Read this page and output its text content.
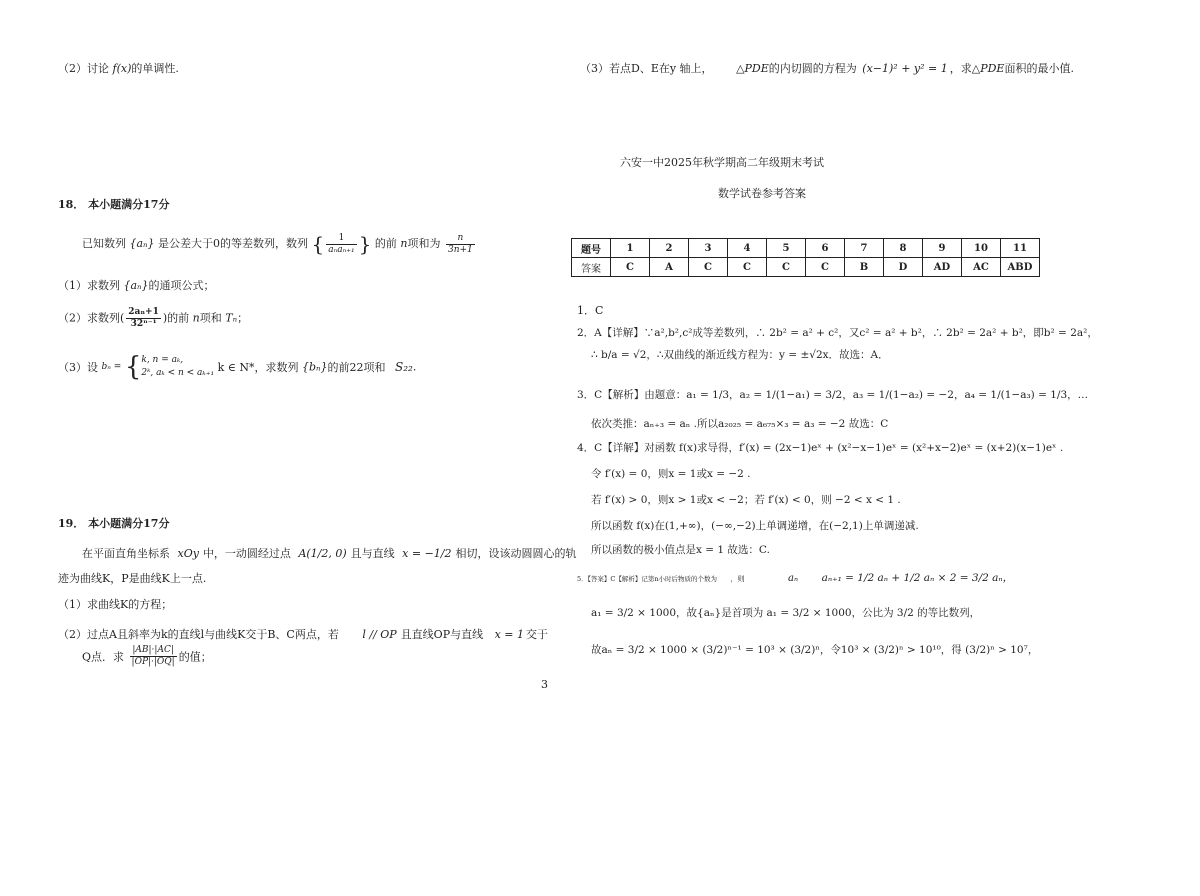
（2）讨论 f(x)的单调性.
18． 本小题满分17分
已知数列 {aₙ} 是公差大于0的等差数列，数列 { $\frac{1}{\text{aₙaₙ₊₁}}$ } 的前 n项和为 $\frac{n}{3n+1}$
（1）求数列 {aₙ}的通项公式；
（2）求数列( $\frac{\text{2aₙ+1}}{\text{32ⁿ⁻¹}}$ )的前 n项和 Tₙ；
（3）设 bₙ = { k, n = aₖ,
2ᵏ, aₖ < n < aₖ₊₁ k ∈ N*，求数列 {bₙ}的前22项和 S₂₂.
19． 本小题满分17分
在平面直角坐标系 xOy 中，一动圆经过点 A(1/2, 0) 且与直线 x = −1/2 相切，设该动圆圆心的轨
迹为曲线K，P是曲线K上一点.
（1）求曲线K的方程；
（2）过点A且斜率为k的直线l与曲线K交于B、C两点，若 l // OP 且直线OP与直线 x = 1 交于
Q点．求 $\frac{|AB|\cdot|AC|}{|OP|\cdot|OQ|}$ 的值；
3
（3）若点D、E在y 轴上， △PDE的内切圆的方程为 (x−1)² + y² = 1 ，求△PDE面积的最小值.
六安一中2025年秋学期高二年级期末考试
数学试卷参考答案
题号	1	2	3	4	5	6	7	8	9	10	11
答案	C	A	C	C	C	C	B	D	AD	AC	ABD
1．C
2．A【详解】∵a²,b²,c²成等差数列，∴ 2b² = a² + c²，又c² = a² + b²，∴ 2b² = 2a² + b²，即b² = 2a²，
∴ b/a = √2，∴双曲线的渐近线方程为：y = ±√2x．故选：A．
3．C【解析】由题意：a₁ = 1/3，a₂ = 1/(1−a₁) = 3/2，a₃ = 1/(1−a₂) = −2，a₄ = 1/(1−a₃) = 1/3，…
依次类推：aₙ₊₃ = aₙ .所以a₂₀₂₅ = a₆₇₅×₃ = a₃ = −2 故选：C
4．C【详解】对函数 f(x)求导得，f′(x) = (2x−1)eˣ + (x²−x−1)eˣ = (x²+x−2)eˣ = (x+2)(x−1)eˣ .
令 f′(x) = 0，则x = 1或x = −2 .
若 f′(x) > 0，则x > 1或x < −2；若 f′(x) < 0，则 −2 < x < 1 .
所以函数 f(x)在(1,+∞)，(−∞,−2)上单调递增，在(−2,1)上单调递减.
所以函数的极小值点是x = 1 故选：C.
5．【答案】C【解析】记第n小时后物质的个数为 ，则	aₙ aₙ₊₁ = 1/2 aₙ + 1/2 aₙ × 2 = 3/2 aₙ，
a₁ = 3/2 × 1000，故{aₙ}是首项为 a₁ = 3/2 × 1000，公比为 3/2 的等比数列，
故aₙ = 3/2 × 1000 × (3/2)ⁿ⁻¹ = 10³ × (3/2)ⁿ，令10³ × (3/2)ⁿ > 10¹⁰，得 (3/2)ⁿ > 10⁷，
